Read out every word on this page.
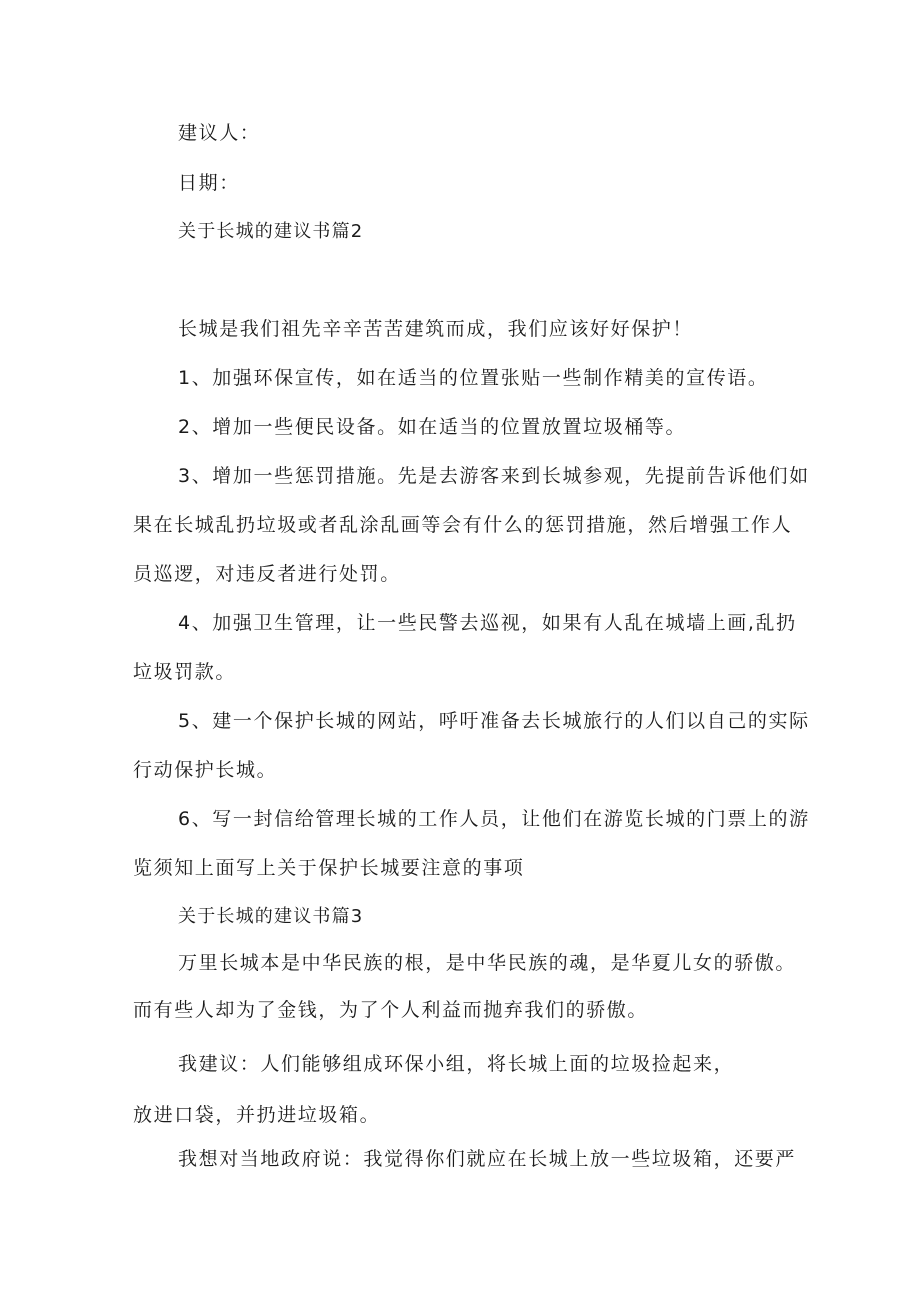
建议人：

日期：

关于长城的建议书篇2

长城是我们祖先辛辛苦苦建筑而成，我们应该好好保护！

1、加强环保宣传，如在适当的位置张贴一些制作精美的宣传语。

2、增加一些便民设备。如在适当的位置放置垃圾桶等。

3、增加一些惩罚措施。先是去游客来到长城参观，先提前告诉他们如

果在长城乱扔垃圾或者乱涂乱画等会有什么的惩罚措施，然后增强工作人

员巡逻，对违反者进行处罚。

4、加强卫生管理，让一些民警去巡视，如果有人乱在城墙上画,乱扔

垃圾罚款。

5、建一个保护长城的网站，呼吁准备去长城旅行的人们以自己的实际

行动保护长城。

6、写一封信给管理长城的工作人员，让他们在游览长城的门票上的游

览须知上面写上关于保护长城要注意的事项

关于长城的建议书篇3

万里长城本是中华民族的根，是中华民族的魂，是华夏儿女的骄傲。

而有些人却为了金钱，为了个人利益而抛弃我们的骄傲。

我建议：人们能够组成环保小组，将长城上面的垃圾捡起来，

放进口袋，并扔进垃圾箱。

我想对当地政府说：我觉得你们就应在长城上放一些垃圾箱，还要严
